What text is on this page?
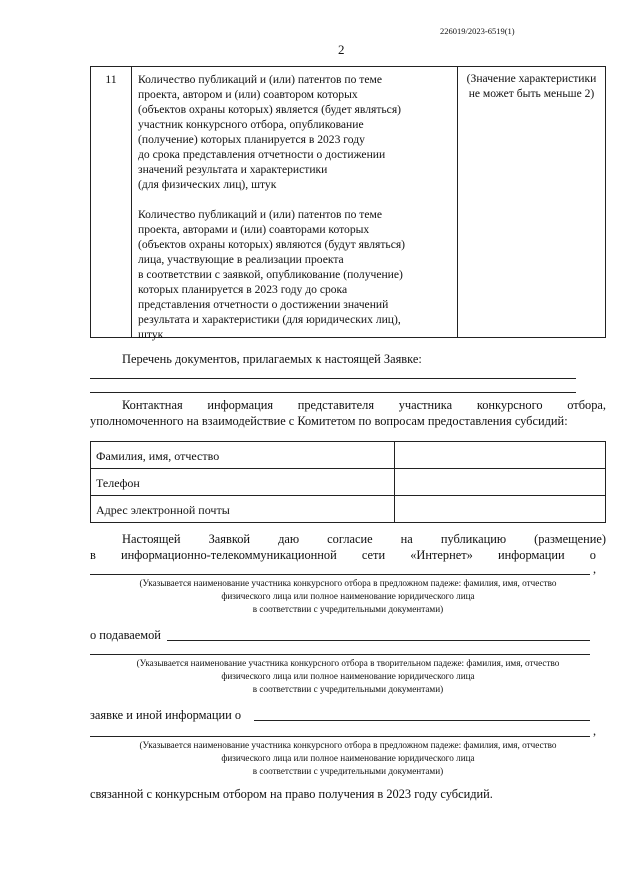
226019/2023-6519(1)
2
11	Количество публикаций и (или) патентов по теме
проекта, автором и (или) соавтором которых
(объектов охраны которых) является (будет являться)
участник конкурсного отбора, опубликование
(получение) которых планируется в 2023 году
до срока представления отчетности о достижении
значений результата и характеристики
(для физических лиц), штук

Количество публикаций и (или) патентов по теме
проекта, авторами и (или) соавторами которых
(объектов охраны которых) являются (будут являться)
лица, участвующие в реализации проекта
в соответствии с заявкой, опубликование (получение)
которых планируется в 2023 году до срока
представления отчетности о достижении значений
результата и характеристики (для юридических лиц),
штук

(Значение характеристики не может быть меньше 2)
Перечень документов, прилагаемых к настоящей Заявке:
Контактная информация представителя участника конкурсного отбора,
уполномоченного на взаимодействие с Комитетом по вопросам предоставления субсидий:
Фамилия, имя, отчество
Телефон
Адрес электронной почты
Настоящей Заявкой даю согласие на публикацию (размещение)
в информационно-телекоммуникационной сети «Интернет» информации о
,
(Указывается наименование участника конкурсного отбора в предложном падеже: фамилия, имя, отчество
физического лица или полное наименование юридического лица
в соответствии с учредительными документами)
о подаваемой
(Указывается наименование участника конкурсного отбора в творительном падеже: фамилия, имя, отчество
физического лица или полное наименование юридического лица
в соответствии с учредительными документами)
заявке и иной информации о
,
(Указывается наименование участника конкурсного отбора в предложном падеже: фамилия, имя, отчество
физического лица или полное наименование юридического лица
в соответствии с учредительными документами)
связанной с конкурсным отбором на право получения в 2023 году субсидий.
